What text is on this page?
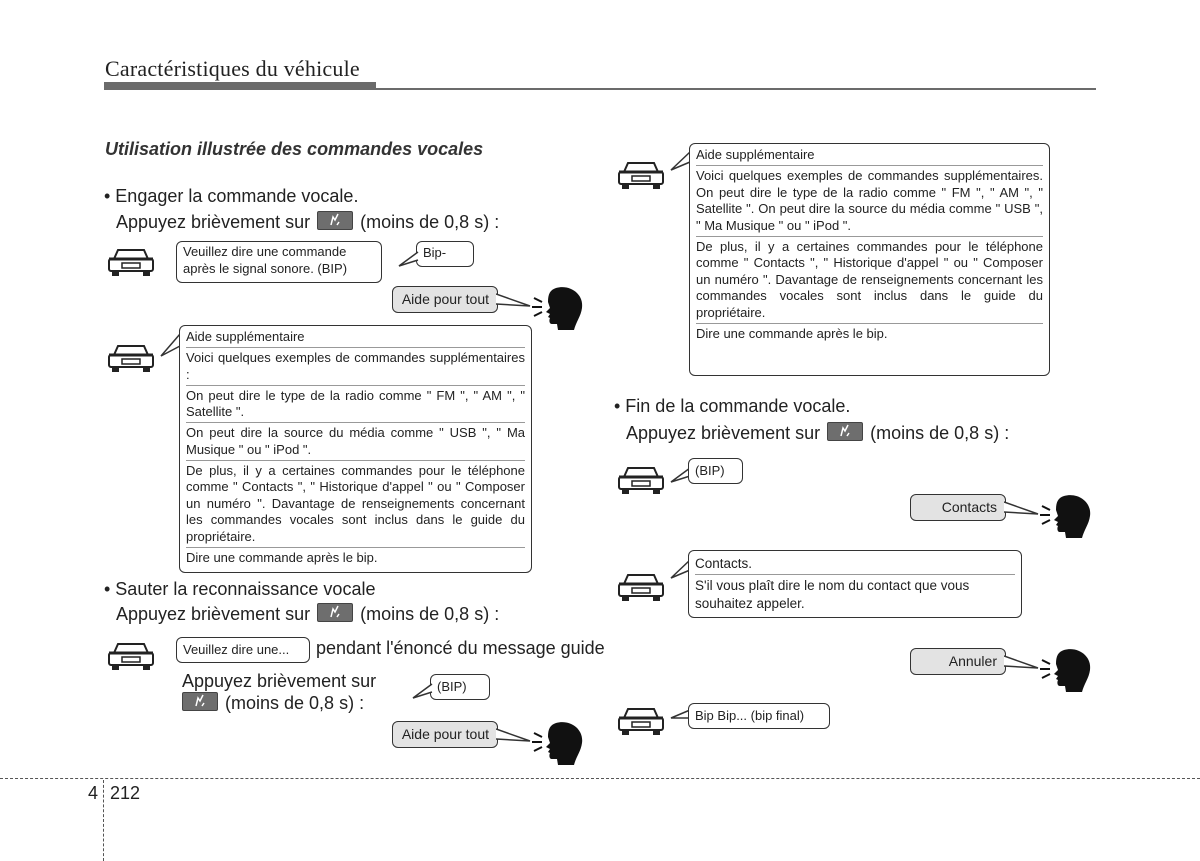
Caractéristiques du véhicule
Utilisation illustrée des commandes vocales
• Engager la commande vocale.
Appuyez brièvement sur	(moins de 0,8 s) :
Veuillez dire une commande
après le signal sonore. (BIP)
Bip-
Aide pour tout

Aide supplémentaire

Voici quelques exemples de commandes supplémentaires :

On peut dire le type de la radio comme " FM ", " AM ", " Satellite ".

On peut dire la source du média comme " USB ", " Ma Musique " ou " iPod ".

De plus, il y a certaines commandes pour le téléphone comme " Contacts ", " Historique d'appel " ou " Composer un numéro ". Davantage de renseignements concernant les commandes vocales sont inclus dans le guide du propriétaire.

Dire une commande après le bip.

• Sauter la reconnaissance vocale
Appuyez brièvement sur	(moins de 0,8 s) :
Veuillez dire une...	pendant l'énoncé du message guide
Appuyez brièvement sur
(moins de 0,8 s) :
(BIP)
Aide pour tout

Aide supplémentaire

Voici quelques exemples de commandes supplémentaires. On peut dire le type de la radio comme " FM ", " AM ", " Satellite ". On peut dire la source du média comme " USB ", " Ma Musique " ou " iPod ".

De plus, il y a certaines commandes pour le téléphone comme " Contacts ", " Historique d'appel " ou " Composer un numéro ". Davantage de renseignements concernant les commandes vocales sont inclus dans le guide du propriétaire.

Dire une commande après le bip.

• Fin de la commande vocale.
Appuyez brièvement sur	(moins de 0,8 s) :
(BIP)
Contacts
Contacts.
S'il vous plaît dire le nom du contact que vous
souhaitez appeler.
Annuler
Bip Bip... (bip final)
4 212
